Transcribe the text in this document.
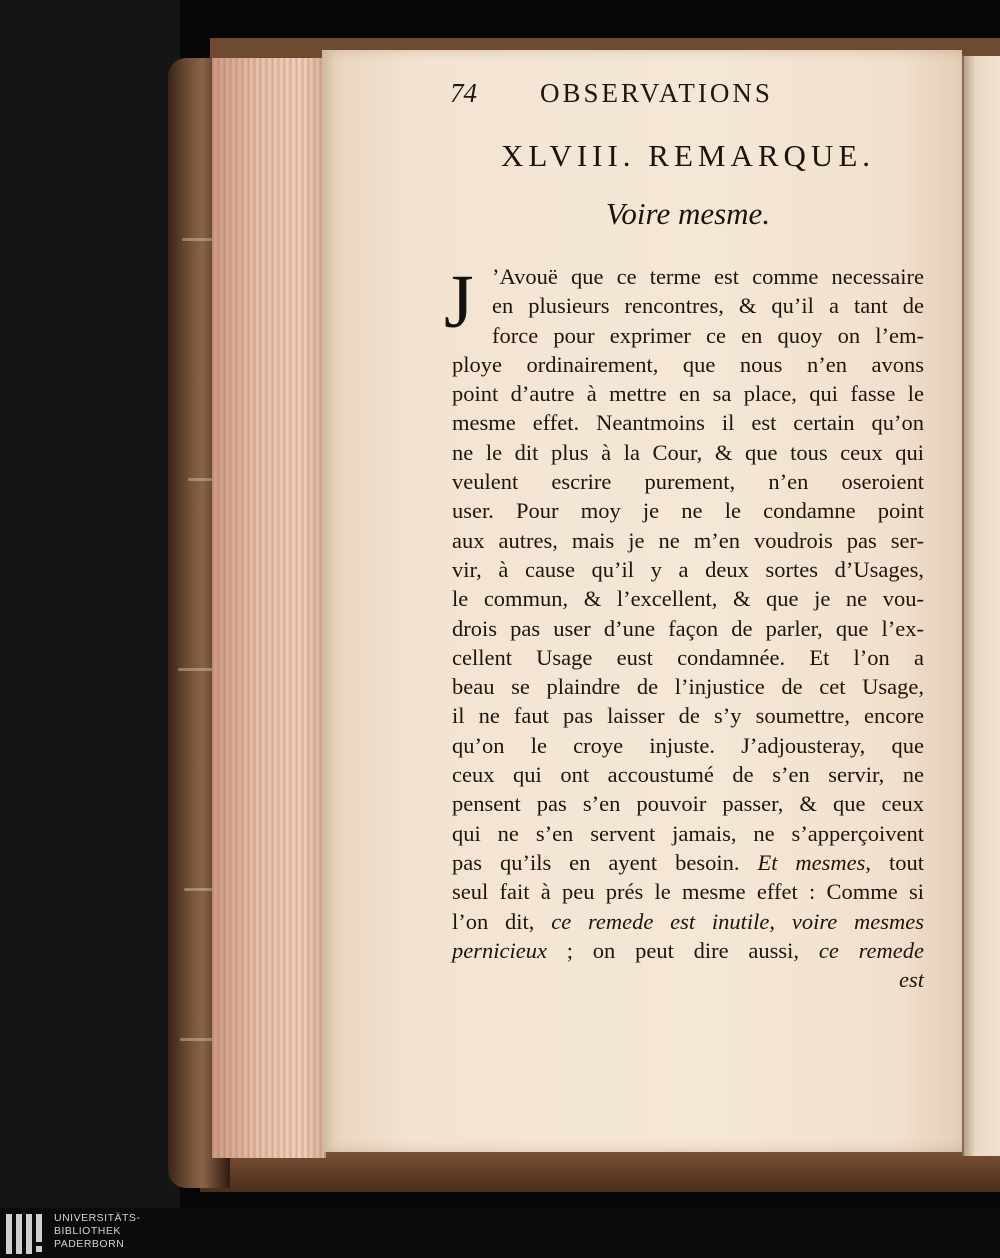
74 OBSERVATIONS
XLVIII. REMARQUE.
Voire mesme.
J ’Avouë que ce terme est comme necessaire
en plusieurs rencontres, & qu’il a tant de
force pour exprimer ce en quoy on l’em-
ploye ordinairement, que nous n’en avons
point d’autre à mettre en sa place, qui fasse le
mesme effet. Neantmoins il est certain qu’on
ne le dit plus à la Cour, & que tous ceux qui
veulent escrire purement, n’en oseroient
user. Pour moy je ne le condamne point
aux autres, mais je ne m’en voudrois pas ser-
vir, à cause qu’il y a deux sortes d’Usages,
le commun, & l’excellent, & que je ne vou-
drois pas user d’une façon de parler, que l’ex-
cellent Usage eust condamnée. Et l’on a
beau se plaindre de l’injustice de cet Usage,
il ne faut pas laisser de s’y soumettre, encore
qu’on le croye injuste. J’adjousteray, que
ceux qui ont accoustumé de s’en servir, ne
pensent pas s’en pouvoir passer, & que ceux
qui ne s’en servent jamais, ne s’apperçoivent
pas qu’ils en ayent besoin. Et mesmes, tout
seul fait à peu prés le mesme effet : Comme si
l’on dit, ce remede est inutile, voire mesmes
pernicieux ; on peut dire aussi, ce remede
est
UNIVERSITÄTS-
BIBLIOTHEK
PADERBORN
